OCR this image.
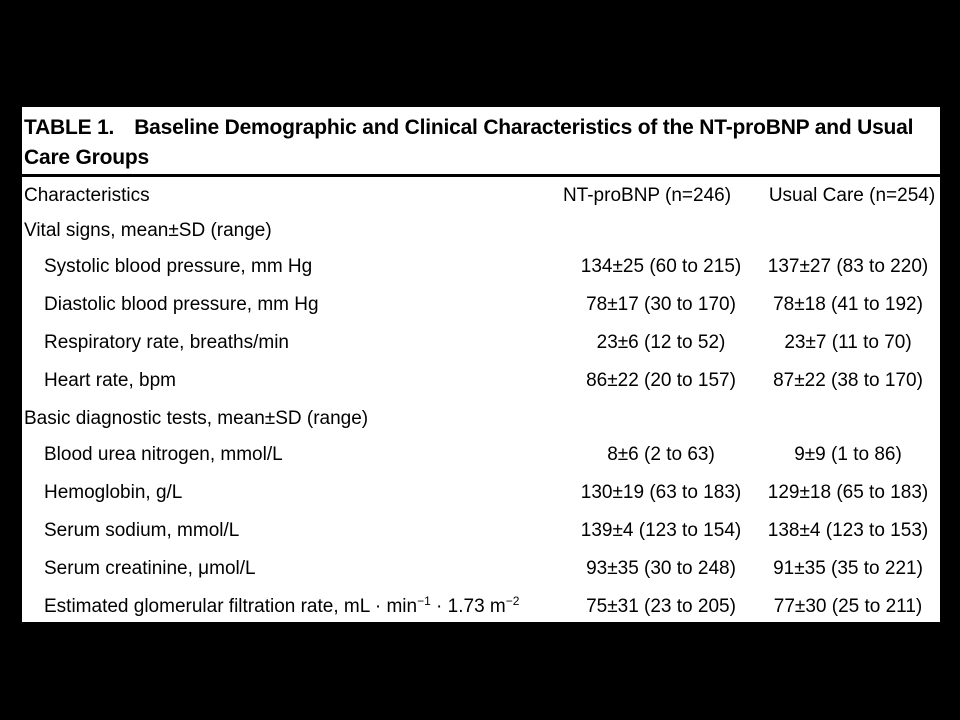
TABLE 1. Baseline Demographic and Clinical Characteristics of the NT-proBNP and Usual Care Groups
Characteristics	NT-proBNP (n=246)	Usual Care (n=254)
Vital signs, mean±SD (range)
Systolic blood pressure, mm Hg	134±25 (60 to 215)	137±27 (83 to 220)
Diastolic blood pressure, mm Hg	78±17 (30 to 170)	78±18 (41 to 192)
Respiratory rate, breaths/min	23±6 (12 to 52)	23±7 (11 to 70)
Heart rate, bpm	86±22 (20 to 157)	87±22 (38 to 170)
Basic diagnostic tests, mean±SD (range)
Blood urea nitrogen, mmol/L	8±6 (2 to 63)	9±9 (1 to 86)
Hemoglobin, g/L	130±19 (63 to 183)	129±18 (65 to 183)
Serum sodium, mmol/L	139±4 (123 to 154)	138±4 (123 to 153)
Serum creatinine, μmol/L	93±35 (30 to 248)	91±35 (35 to 221)
Estimated glomerular filtration rate, mL · $\min^{-1} \cdot 1.73$ $m^{-2}$	75±31 (23 to 205)	77±30 (25 to 211)
